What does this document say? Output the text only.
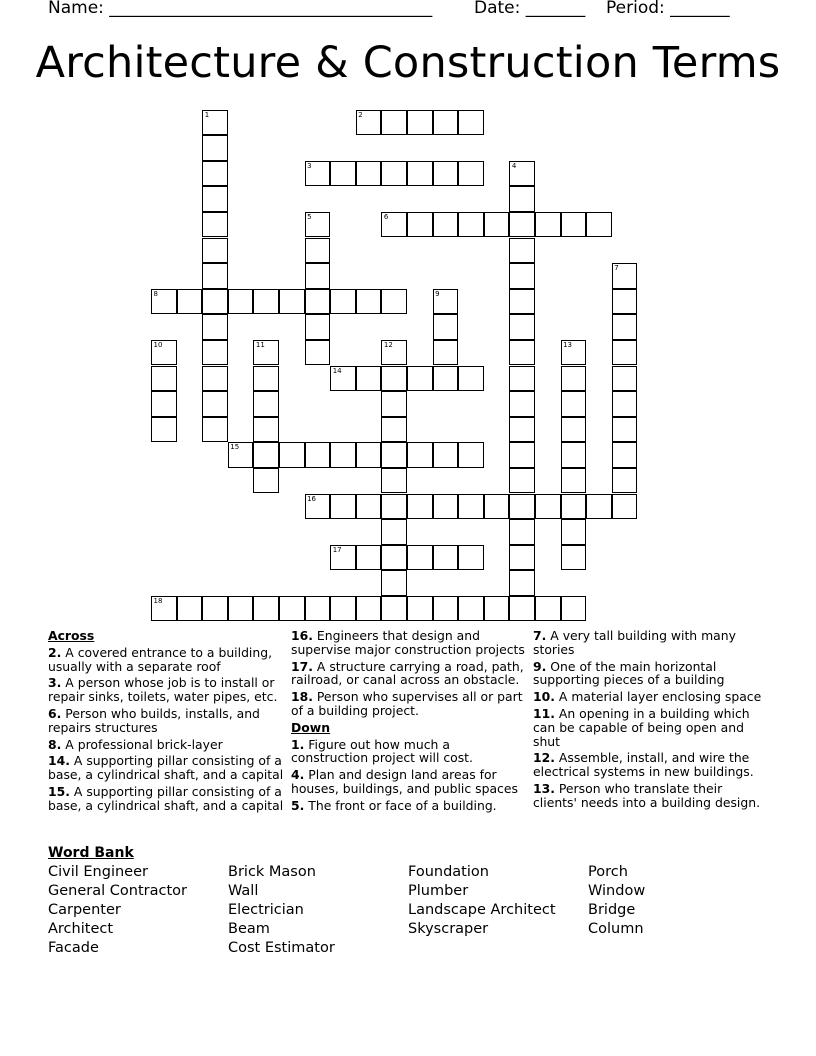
Name: ______________________________________ Date: _______ Period: _______
Architecture & Construction Terms
1	2
3	4
5	6
7
8	9
10	11	12	13
14
15
16
17
18
Across
2. A covered entrance to a building, usually with a separate roof
3. A person whose job is to install or repair sinks, toilets, water pipes, etc.
6. Person who builds, installs, and repairs structures
8. A professional brick-layer
14. A supporting pillar consisting of a base, a cylindrical shaft, and a capital
15. A supporting pillar consisting of a base, a cylindrical shaft, and a capital
16. Engineers that design and supervise major construction projects
17. A structure carrying a road, path, railroad, or canal across an obstacle.
18. Person who supervises all or part of a building project.
Down
1. Figure out how much a construction project will cost.
4. Plan and design land areas for houses, buildings, and public spaces
5. The front or face of a building.
7. A very tall building with many stories
9. One of the main horizontal supporting pieces of a building
10. A material layer enclosing space
11. An opening in a building which can be capable of being open and shut
12. Assemble, install, and wire the electrical systems in new buildings.
13. Person who translate their clients' needs into a building design.
Word Bank
Civil Engineer
General Contractor
Carpenter
Architect
Facade
Brick Mason
Wall
Electrician
Beam
Cost Estimator
Foundation
Plumber
Landscape Architect
Skyscraper
Porch
Window
Bridge
Column
